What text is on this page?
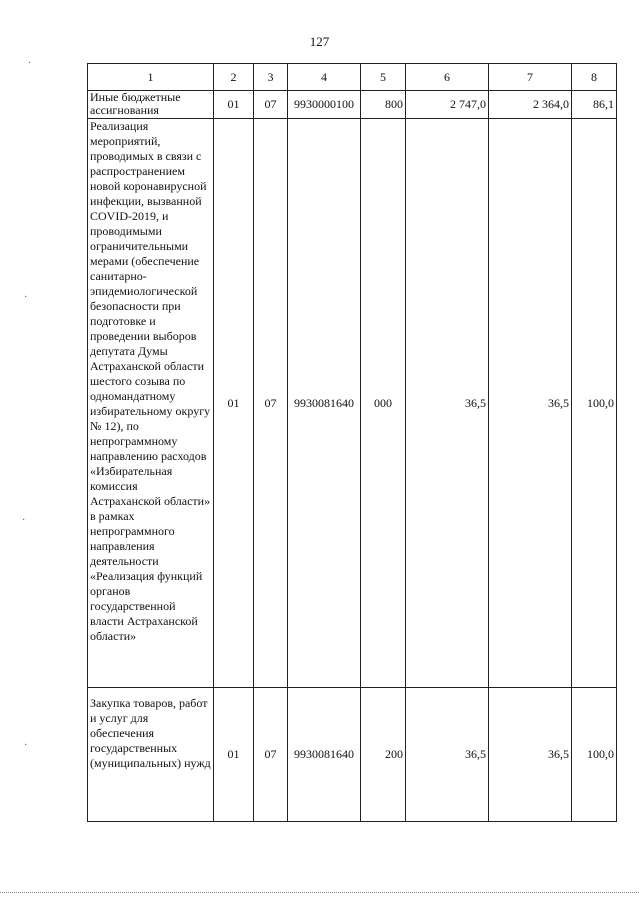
127
·
·
·
·
1	2	3	4	5	6	7	8
Иные бюджетные ассигнования	01	07	9930000100	800	2 747,0	2 364,0	86,1
Реализация мероприятий, проводимых в связи с распространением новой коронавирусной инфекции, вызванной COVID-2019, и проводимыми ограничительными мерами (обеспечение санитарно-эпидемиологической безопасности при подготовке и проведении выборов депутата Думы Астраханской области шестого созыва по одномандатному избирательному округу № 12), по непрограммному направлению расходов «Избирательная комиссия Астраханской области» в рамках непрограммного направления деятельности «Реализация функций органов государственной власти Астраханской области»	01	07	9930081640	000	36,5	36,5	100,0
Закупка товаров, работ и услуг для обеспечения государственных (муниципальных) нужд	01	07	9930081640	200	36,5	36,5	100,0
